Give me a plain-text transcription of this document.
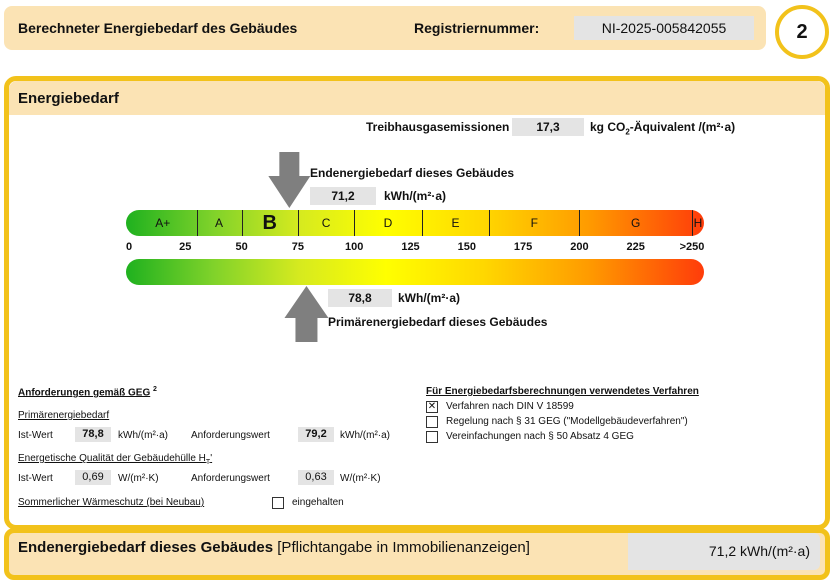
Berechneter Energiebedarf des Gebäudes	Registriernummer:	NI-2025-005842055	2
Energiebedarf
Treibhausgasemissionen	17,3	kg $CO_2$-Äquivalent /(m²·a)
Endenergiebedarf dieses Gebäudes
71,2	kWh/(m²·a)
A+	A	B	C	D	E	F	G	H
0	25	50	75	100	125	150	175	200	225	>250
78,8	kWh/(m²·a)
Primärenergiebedarf dieses Gebäudes
Anforderungen gemäß GEG $^2$
Primärenergiebedarf
Ist-Wert	78,8	kWh/(m²·a) Anforderungswert	79,2	kWh/(m²·a)
Energetische Qualität der Gebäudehülle $H_T'$
Ist-Wert	0,69	W/(m²·K)	Anforderungswert	0,63	W/(m²·K)
Sommerlicher Wärmeschutz (bei Neubau)	eingehalten
Für Energiebedarfsberechnungen verwendetes Verfahren
✕ Verfahren nach DIN V 18599
Regelung nach § 31 GEG ("Modellgebäudeverfahren")
Vereinfachungen nach § 50 Absatz 4 GEG
71,2 kWh/(m²·a)
Endenergiebedarf dieses Gebäudes [Pflichtangabe in Immobilienanzeigen]
